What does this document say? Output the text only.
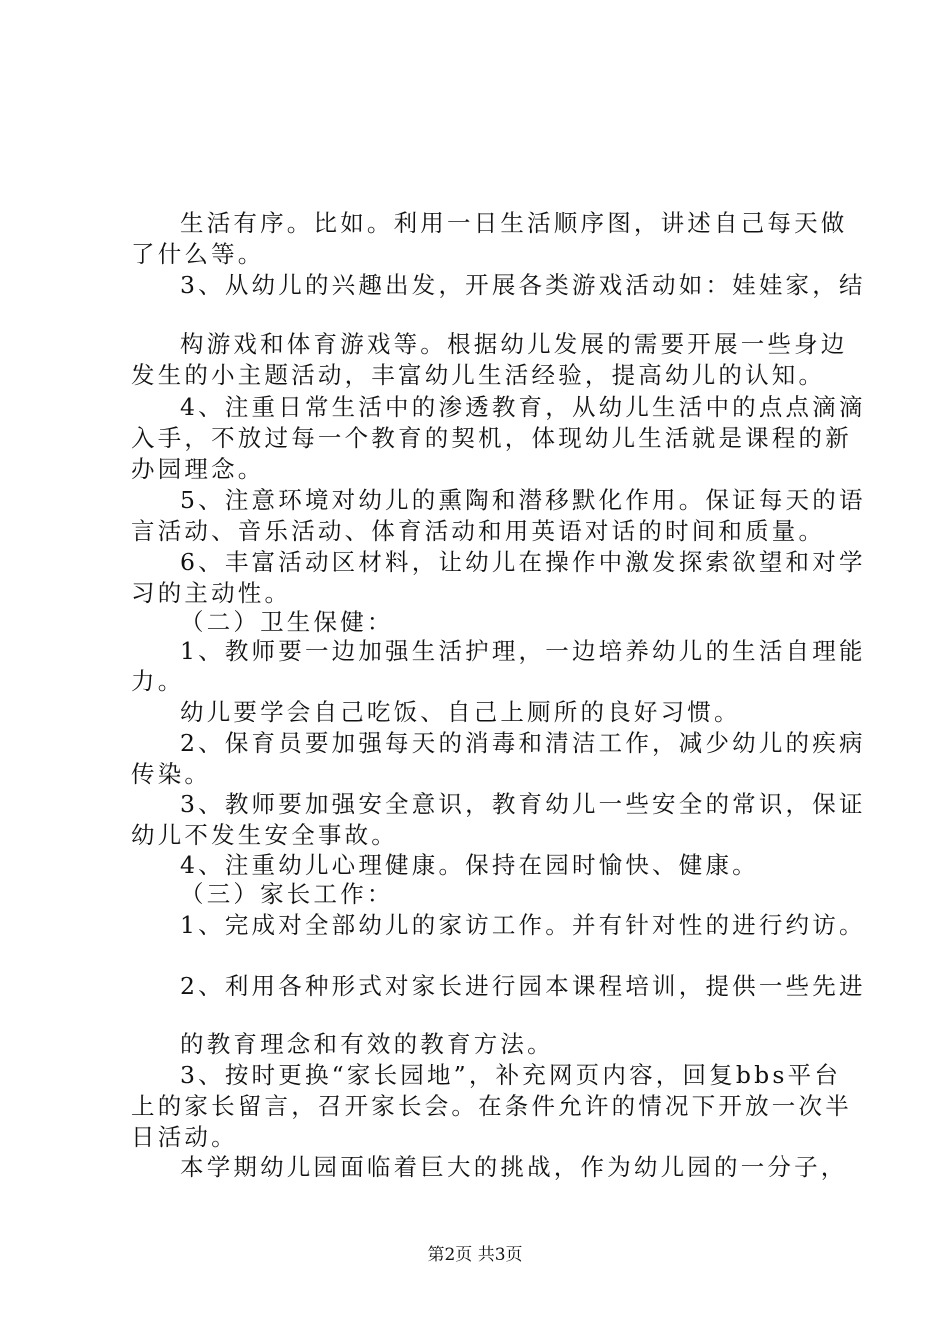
生活有序。比如。利用一日生活顺序图，讲述自己每天做
了什么等。
3、从幼儿的兴趣出发，开展各类游戏活动如：娃娃家，结
构游戏和体育游戏等。根据幼儿发展的需要开展一些身边
发生的小主题活动，丰富幼儿生活经验，提高幼儿的认知。
4、注重日常生活中的渗透教育，从幼儿生活中的点点滴滴
入手，不放过每一个教育的契机，体现幼儿生活就是课程的新
办园理念。
5、注意环境对幼儿的熏陶和潜移默化作用。保证每天的语
言活动、音乐活动、体育活动和用英语对话的时间和质量。
6、丰富活动区材料，让幼儿在操作中激发探索欲望和对学
习的主动性。
（二）卫生保健：
1、教师要一边加强生活护理，一边培养幼儿的生活自理能
力。
幼儿要学会自己吃饭、自己上厕所的良好习惯。
2、保育员要加强每天的消毒和清洁工作，减少幼儿的疾病
传染。
3、教师要加强安全意识，教育幼儿一些安全的常识，保证
幼儿不发生安全事故。
4、注重幼儿心理健康。保持在园时愉快、健康。
（三）家长工作：
1、完成对全部幼儿的家访工作。并有针对性的进行约访。
2、利用各种形式对家长进行园本课程培训，提供一些先进
的教育理念和有效的教育方法。
3、按时更换“家长园地”，补充网页内容，回复bbs平台
上的家长留言，召开家长会。在条件允许的情况下开放一次半
日活动。
本学期幼儿园面临着巨大的挑战，作为幼儿园的一分子，
第2页 共3页
